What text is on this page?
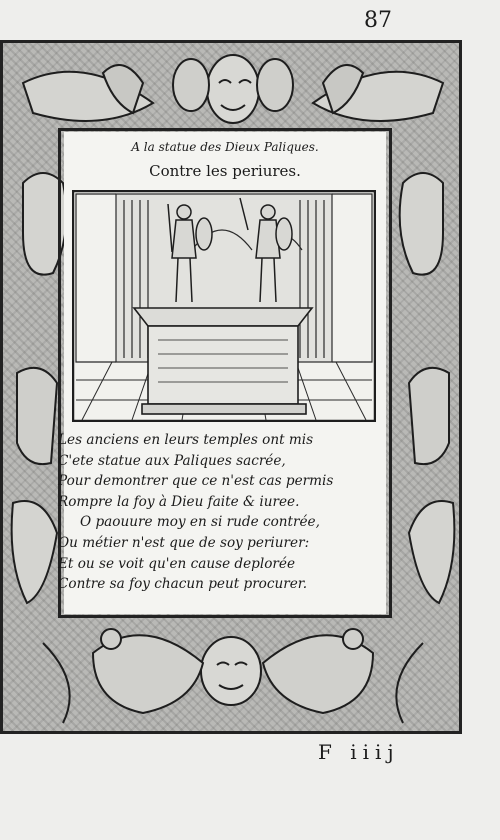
87
A la statue des Dieux Paliques.
Contre les periures.
Les anciens en leurs temples ont mis
C'ete statue aux Paliques sacrée,
Pour demontrer que ce n'est cas permis
Rompre la foy à Dieu faite & iuree.
O paouure moy en si rude contrée,
Ou métier n'est que de soy periurer:
Et ou se voit qu'en cause deplorée
Contre sa foy chacun peut procurer.
F iiij
